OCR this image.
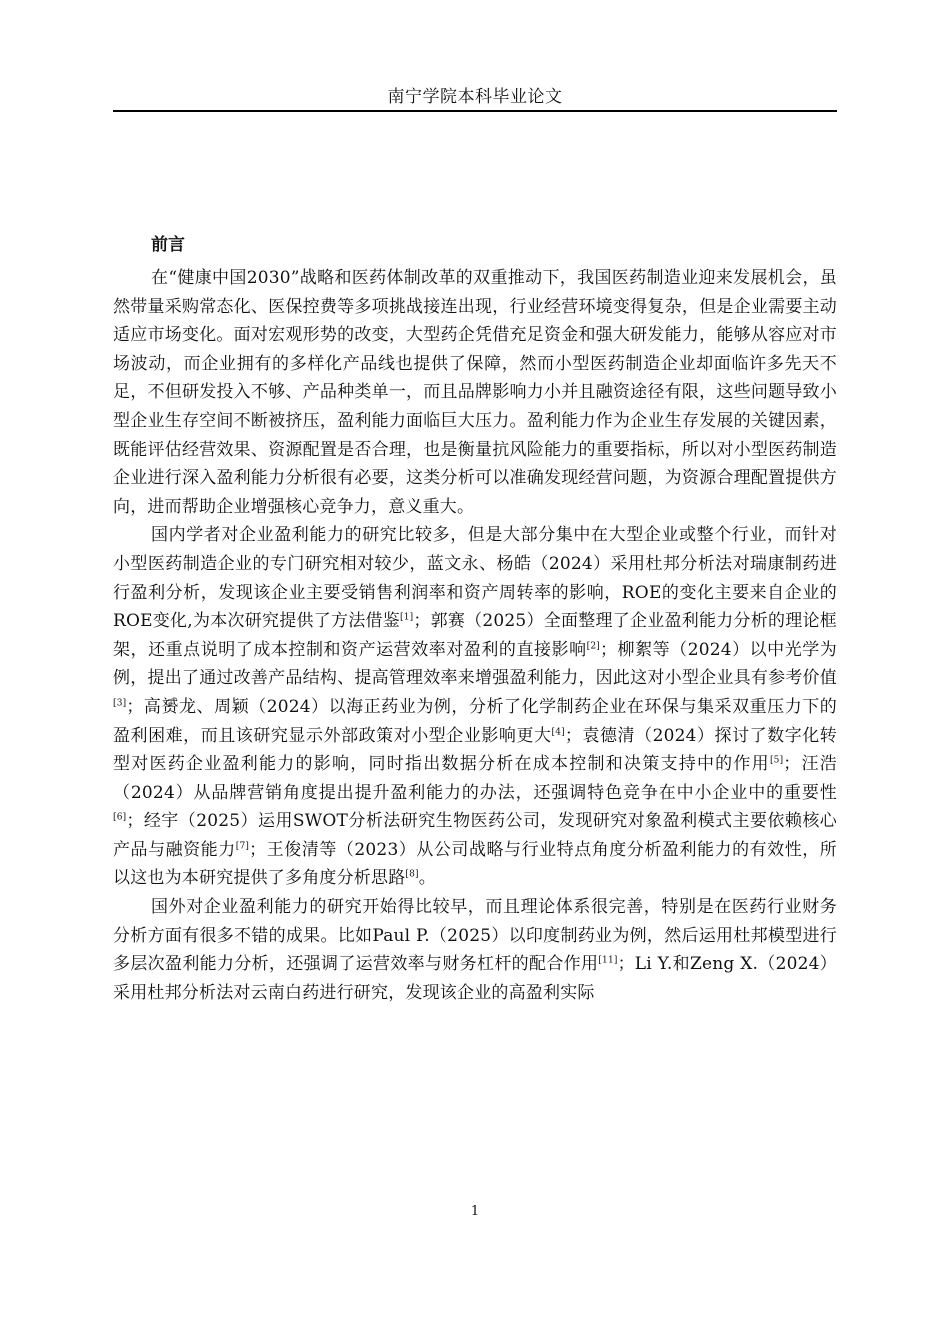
南宁学院本科毕业论文
前言

在“健康中国2030”战略和医药体制改革的双重推动下，我国医药制造业迎来发展机会，虽然带量采购常态化、医保控费等多项挑战接连出现，行业经营环境变得复杂，但是企业需要主动适应市场变化。面对宏观形势的改变，大型药企凭借充足资金和强大研发能力，能够从容应对市场波动，而企业拥有的多样化产品线也提供了保障，然而小型医药制造企业却面临许多先天不足，不但研发投入不够、产品种类单一，而且品牌影响力小并且融资途径有限，这些问题导致小型企业生存空间不断被挤压，盈利能力面临巨大压力。盈利能力作为企业生存发展的关键因素，既能评估经营效果、资源配置是否合理，也是衡量抗风险能力的重要指标，所以对小型医药制造企业进行深入盈利能力分析很有必要，这类分析可以准确发现经营问题，为资源合理配置提供方向，进而帮助企业增强核心竞争力，意义重大。

国内学者对企业盈利能力的研究比较多，但是大部分集中在大型企业或整个行业，而针对小型医药制造企业的专门研究相对较少，蓝文永、杨皓（2024）采用杜邦分析法对瑞康制药进行盈利分析，发现该企业主要受销售利润率和资产周转率的影响，ROE的变化主要来自企业的ROE变化,为本次研究提供了方法借鉴[1]；郭赛（2025）全面整理了企业盈利能力分析的理论框架，还重点说明了成本控制和资产运营效率对盈利的直接影响[2]；柳絮等（2024）以中光学为例，提出了通过改善产品结构、提高管理效率来增强盈利能力，因此这对小型企业具有参考价值[3]；高赟龙、周颖（2024）以海正药业为例，分析了化学制药企业在环保与集采双重压力下的盈利困难，而且该研究显示外部政策对小型企业影响更大[4]；袁德清（2024）探讨了数字化转型对医药企业盈利能力的影响，同时指出数据分析在成本控制和决策支持中的作用[5]；汪浩（2024）从品牌营销角度提出提升盈利能力的办法，还强调特色竞争在中小企业中的重要性[6]；经宇（2025）运用SWOT分析法研究生物医药公司，发现研究对象盈利模式主要依赖核心产品与融资能力[7]；王俊清等（2023）从公司战略与行业特点角度分析盈利能力的有效性，所以这也为本研究提供了多角度分析思路[8]。

国外对企业盈利能力的研究开始得比较早，而且理论体系很完善，特别是在医药行业财务分析方面有很多不错的成果。比如Paul P.（2025）以印度制药业为例，然后运用杜邦模型进行多层次盈利能力分析，还强调了运营效率与财务杠杆的配合作用[11]；Li Y.和Zeng X.（2024）采用杜邦分析法对云南白药进行研究，发现该企业的高盈利实际

1
